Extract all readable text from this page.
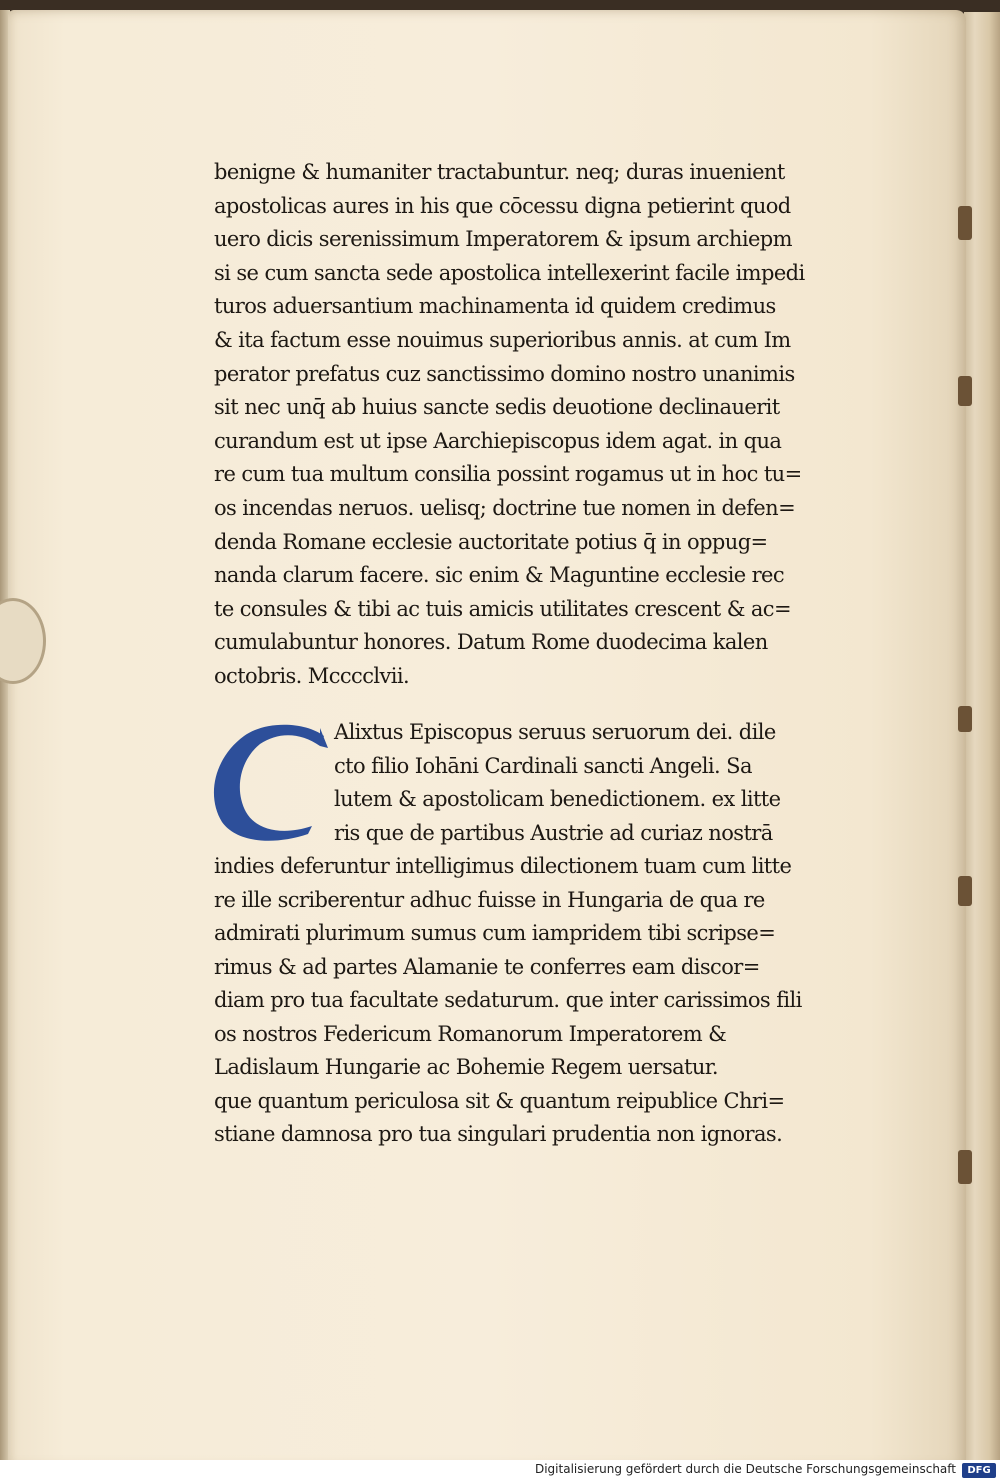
benigne & humaniter tractabuntur. neq; duras inuenient
apostolicas aures in his que cōcessu digna petierint quod
uero dicis serenissimum Imperatorem & ipsum archiepm
si se cum sancta sede apostolica intellexerint facile impedi
turos aduersantium machinamenta id quidem credimus
& ita factum esse nouimus superioribus annis. at cum Im
perator prefatus cuz sanctissimo domino nostro unanimis
sit nec unq̄ ab huius sancte sedis deuotione declinauerit
curandum est ut ipse Aarchiepiscopus idem agat. in qua
re cum tua multum consilia possint rogamus ut in hoc tu=
os incendas neruos. uelisq; doctrine tue nomen in defen=
denda Romane ecclesie auctoritate potius q̄ in oppug=
nanda clarum facere. sic enim & Maguntine ecclesie rec
te consules & tibi ac tuis amicis utilitates crescent & ac=
cumulabuntur honores. Datum Rome duodecima kalen
octobris. Mcccclvii.
C
Alixtus Episcopus seruus seruorum dei. dile
cto filio Iohāni Cardinali sancti Angeli. Sa
lutem & apostolicam benedictionem. ex litte
ris que de partibus Austrie ad curiaz nostrā
indies deferuntur intelligimus dilectionem tuam cum litte
re ille scriberentur adhuc fuisse in Hungaria de qua re
admirati plurimum sumus cum iampridem tibi scripse=
rimus & ad partes Alamanie te conferres eam discor=
diam pro tua facultate sedaturum. que inter carissimos fili
os nostros Federicum Romanorum Imperatorem &
Ladislaum Hungarie ac Bohemie Regem uersatur.
que quantum periculosa sit & quantum reipublice Chri=
stiane damnosa pro tua singulari prudentia non ignoras.
Digitalisierung gefördert durch die Deutsche Forschungsgemeinschaft	DFG
